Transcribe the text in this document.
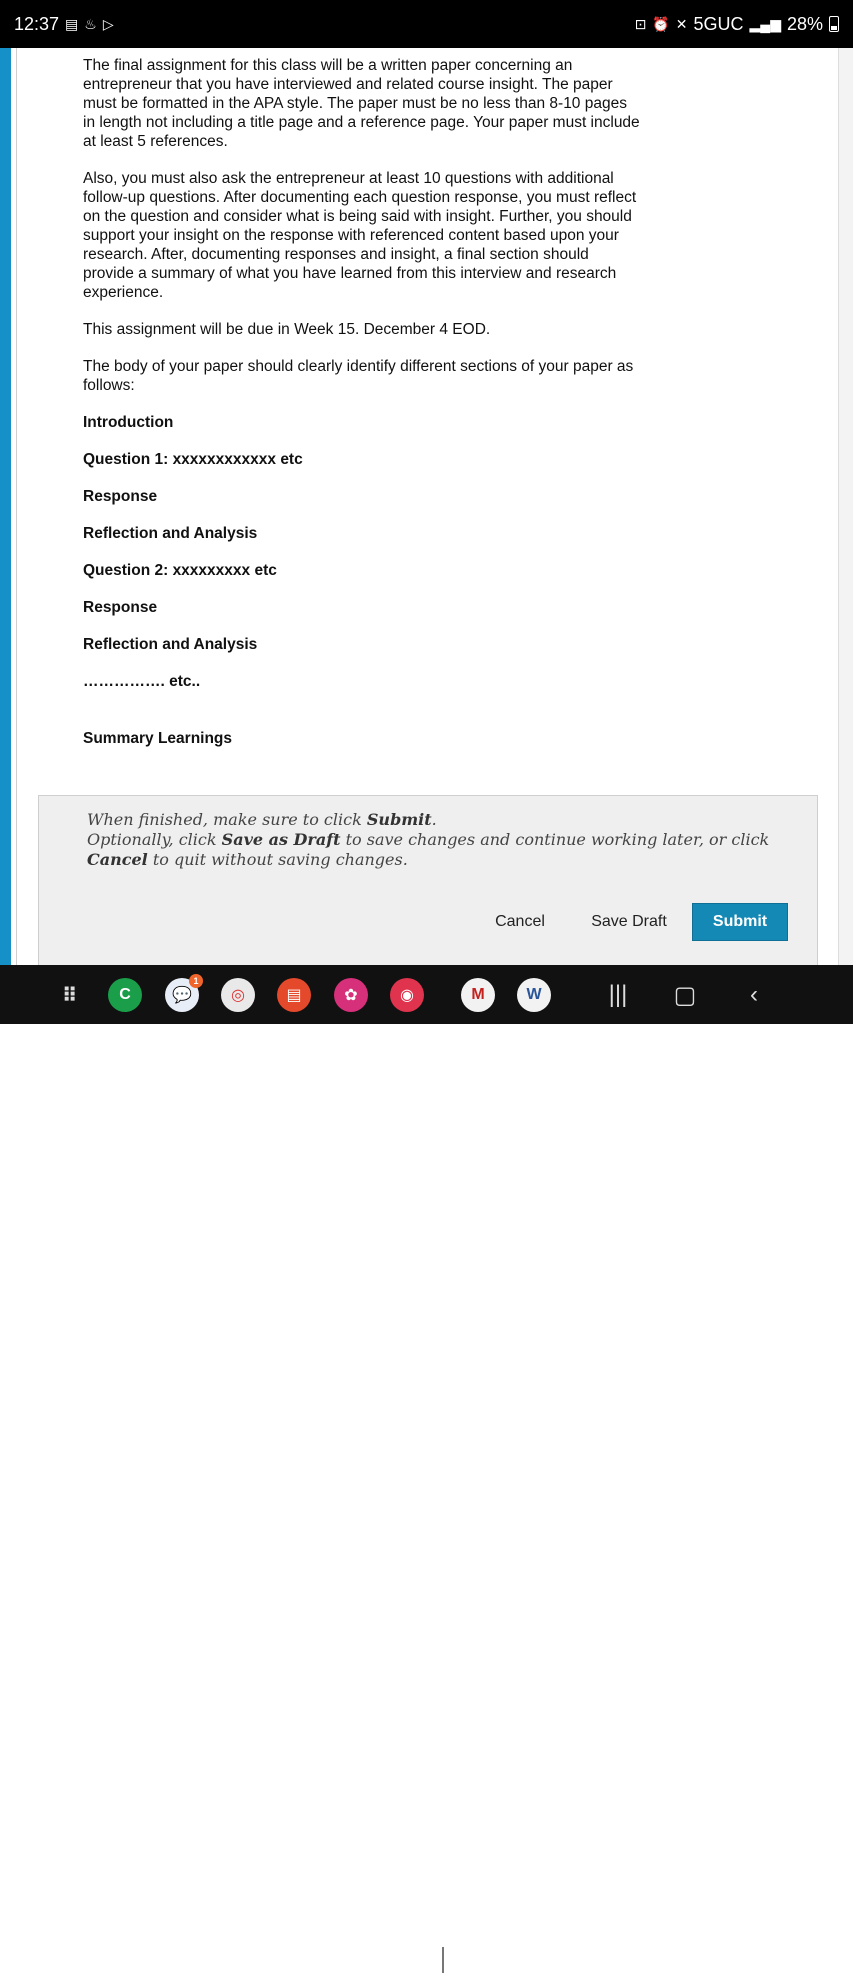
12:37 ▤ ♨ ▷	⊡ ⏰ ✕ 5GUC ▂▄▆ 28%

The final assignment for this class will be a written paper concerning an entrepreneur that you have interviewed and related course insight. The paper must be formatted in the APA style. The paper must be no less than 8-10 pages in length not including a title page and a reference page. Your paper must include at least 5 references.

Also, you must also ask the entrepreneur at least 10 questions with additional follow-up questions. After documenting each question response, you must reflect on the question and consider what is being said with insight. Further, you should support your insight on the response with referenced content based upon your research. After, documenting responses and insight, a final section should provide a summary of what you have learned from this interview and research experience.

This assignment will be due in Week 15. December 4 EOD.

The body of your paper should clearly identify different sections of your paper as follows:

Introduction
Question 1: xxxxxxxxxxxx etc
Response
Reflection and Analysis
Question 2: xxxxxxxxx etc
Response
Reflection and Analysis
……………. etc..
Summary Learnings
When finished, make sure to click Submit.
Optionally, click Save as Draft to save changes and continue working later, or click Cancel to quit without saving changes.
Cancel	Save Draft	Submit
⠿	C	💬
1
◎	▤	✿	◉	M	W	|||	▢	‹
